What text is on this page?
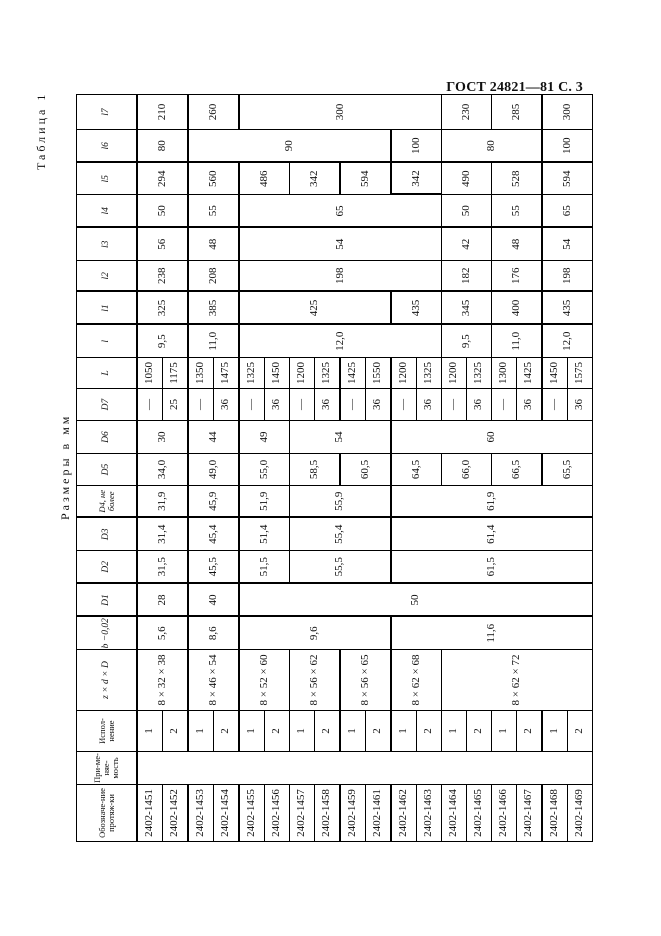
ГОСТ 24821—81 С. 3
Таблица 1
Размеры в мм
Обозначе-ние протяж-ки	При-ме-няе-мость	Испол-нение	z × d × D	b −0,02	D1	D2	D3	D4, не более	D5	D6	D7	L	l	l1	l2	l3	l4	l5	l6	l7
2402-1451		1	8 × 32 × 38	5,6	28	31,5	31,4	31,9	34,0	30	—	1050	9,5	325	238	56	50	294	80	210
2402-1452		2									25	1175								
2402-1453		1	8 × 46 × 54	8,6	40	45,5	45,4	45,9	49,0	44	—	1350	11,0	385	208	48	55	560	90	260
2402-1454		2									36	1475								
2402-1455		1	8 × 52 × 60	9,6	50	51,5	51,4	51,9	55,0	49	—	1325	12,0	425	198	54	65	486		300
2402-1456		2									36	1450								
2402-1457		1	8 × 56 × 62			55,5	55,4	55,9	58,5	54	—	1200						342		
2402-1458		2									36	1325								
2402-1459		1	8 × 56 × 65						60,5		—	1425						594		
2402-1461		2									36	1550								
2402-1462		1	8 × 62 × 68	11,6		61,5	61,4	61,9	64,5	60	—	1200		435				342	100	
2402-1463		2									36	1325								
2402-1464		1	8 × 62 × 72						66,0		—	1200	9,5	345	182	42	50	490	80	230
2402-1465		2									36	1325								
2402-1466		1							66,5		—	1300	11,0	400	176	48	55	528		285
2402-1467		2									36	1425								
2402-1468		1							65,5		—	1450	12,0	435	198	54	65	594	100	300
2402-1469		2									36	1575								
